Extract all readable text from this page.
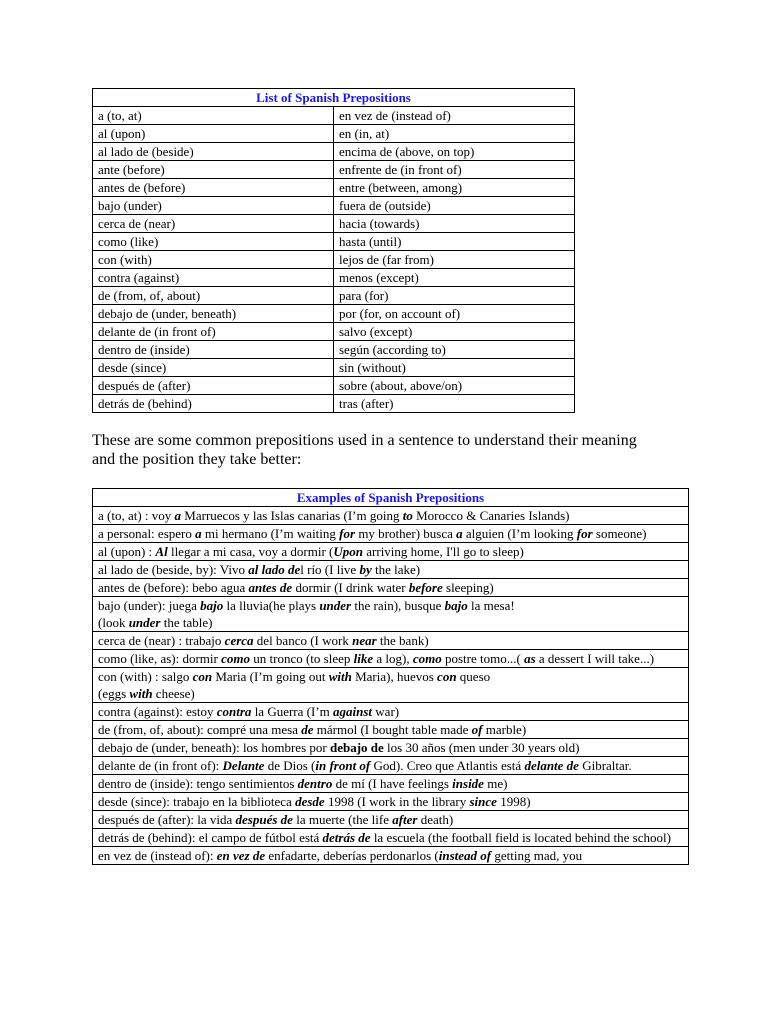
List of Spanish Prepositions	
a (to, at)	en vez de (instead of)
al (upon)	en (in, at)
al lado de (beside)	encima de (above, on top)
ante (before)	enfrente de (in front of)
antes de (before)	entre (between, among)
bajo (under)	fuera de (outside)
cerca de (near)	hacia (towards)
como (like)	hasta (until)
con (with)	lejos de (far from)
contra (against)	menos (except)
de (from, of, about)	para (for)
debajo de (under, beneath)	por (for, on account of)
delante de (in front of)	salvo (except)
dentro de (inside)	según (according to)
desde (since)	sin (without)
después de (after)	sobre (about, above/on)
detrás de (behind)	tras (after)

These are some common prepositions used in a sentence to understand their meaning and the position they take better:

Examples of Spanish Prepositions
a (to, at) : voy a Marruecos y las Islas canarias (I’m going to Morocco & Canaries Islands)
a personal: espero a mi hermano (I’m waiting for my brother) busca a alguien (I’m looking for someone)
al (upon) : Al llegar a mi casa, voy a dormir (Upon arriving home, I'll go to sleep)
al lado de (beside, by): Vivo al lado del río (I live by the lake)
antes de (before): bebo agua antes de dormir (I drink water before sleeping)
bajo (under): juega bajo la lluvia(he plays under the rain), busque bajo la mesa!
(look under the table)
cerca de (near) : trabajo cerca del banco (I work near the bank)
como (like, as): dormir como un tronco (to sleep like a log), como postre tomo...( as a dessert I will take...)
con (with) : salgo con Maria (I’m going out with Maria), huevos con queso
(eggs with cheese)
contra (against): estoy contra la Guerra (I’m against war)
de (from, of, about): compré una mesa de mármol (I bought table made of marble)
debajo de (under, beneath): los hombres por debajo de los 30 años (men under 30 years old)
delante de (in front of): Delante de Dios (in front of God). Creo que Atlantis está delante de Gibraltar.
dentro de (inside): tengo sentimientos dentro de mí (I have feelings inside me)
desde (since): trabajo en la biblioteca desde 1998 (I work in the library since 1998)
después de (after): la vida después de la muerte (the life after death)
detrás de (behind): el campo de fútbol está detrás de la escuela (the football field is located behind the school)
en vez de (instead of): en vez de enfadarte, deberías perdonarlos (instead of getting mad, you
